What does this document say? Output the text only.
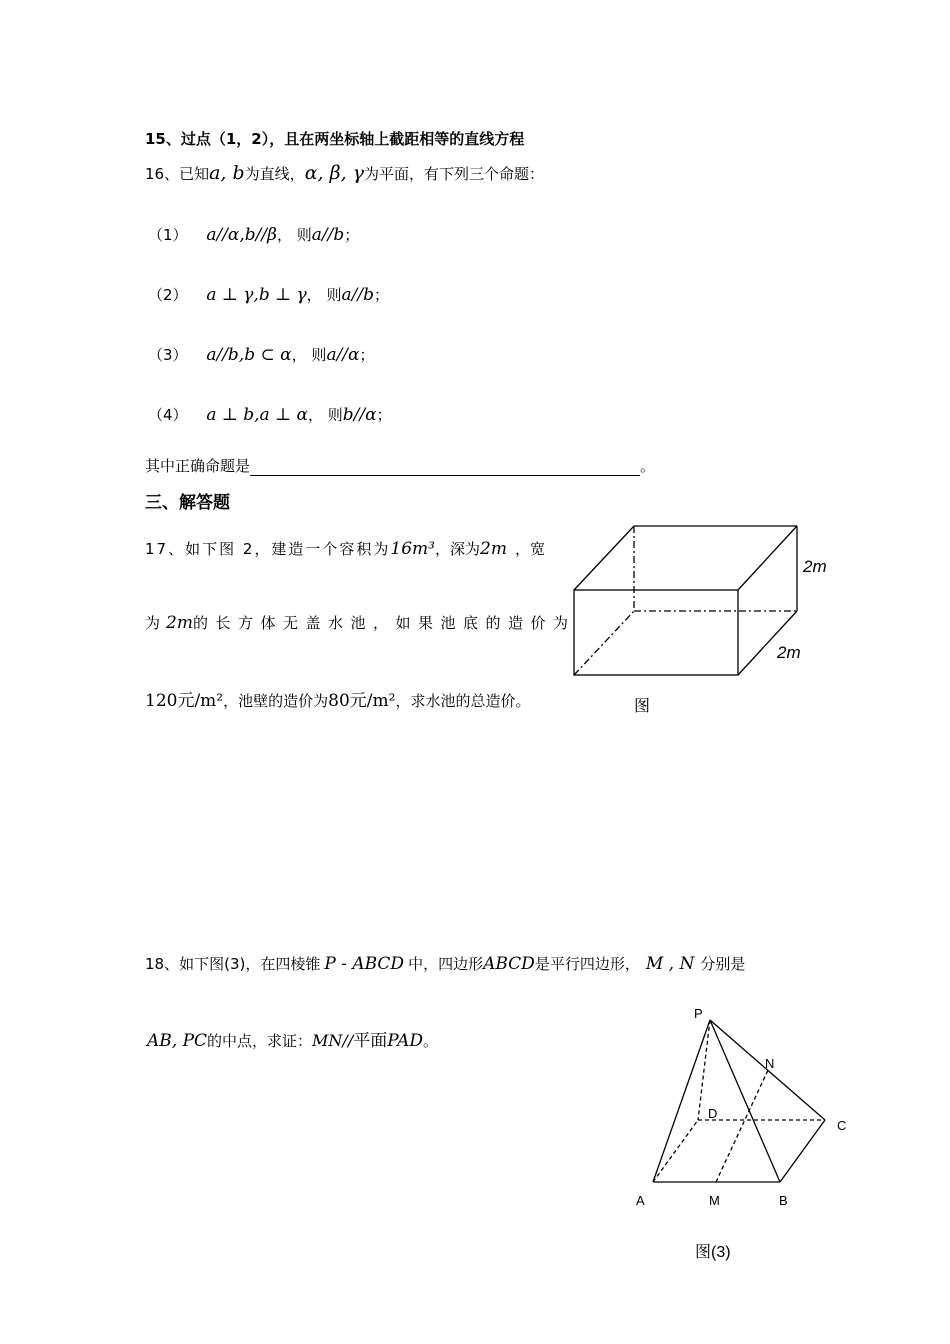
15、过点（1，2），且在两坐标轴上截距相等的直线方程
16、已知a, b为直线，α, β, γ为平面，有下列三个命题：
（1） a//α,b//β， 则a//b；
（2） a ⊥ γ,b ⊥ γ， 则a//b；
（3） a//b,b ⊂ α， 则a//α；
（4） a ⊥ b,a ⊥ α， 则b//α；
其中正确命题是	。
三、解答题
17、如下图 2，建造一个容积为16m³，深为2m ，宽
为 2m的长方体无盖水池，如果池底的造价为
120元/m²，池壁的造价为80元/m²，求水池的总造价。
2m
2m
图
18、如下图(3)，在四棱锥 P - ABCD 中，四边形ABCD是平行四边形， M , N 分别是
AB, PC的中点，求证：MN//平面PAD。
P
N
D
C
A	M	B
图(3)
